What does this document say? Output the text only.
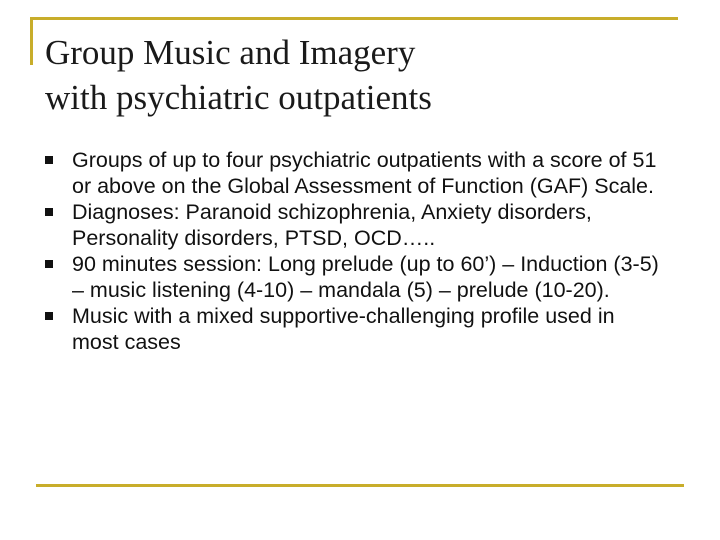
Group Music and Imagery
with psychiatric outpatients
Groups of up to four psychiatric outpatients with a score of 51 or above on the Global Assessment of Function (GAF) Scale.
Diagnoses: Paranoid schizophrenia, Anxiety disorders, Personality disorders, PTSD, OCD…..
90 minutes session: Long prelude (up to 60’) – Induction (3-5) – music listening (4-10) – mandala (5) – prelude (10-20).
Music with a mixed supportive-challenging profile used in most cases
